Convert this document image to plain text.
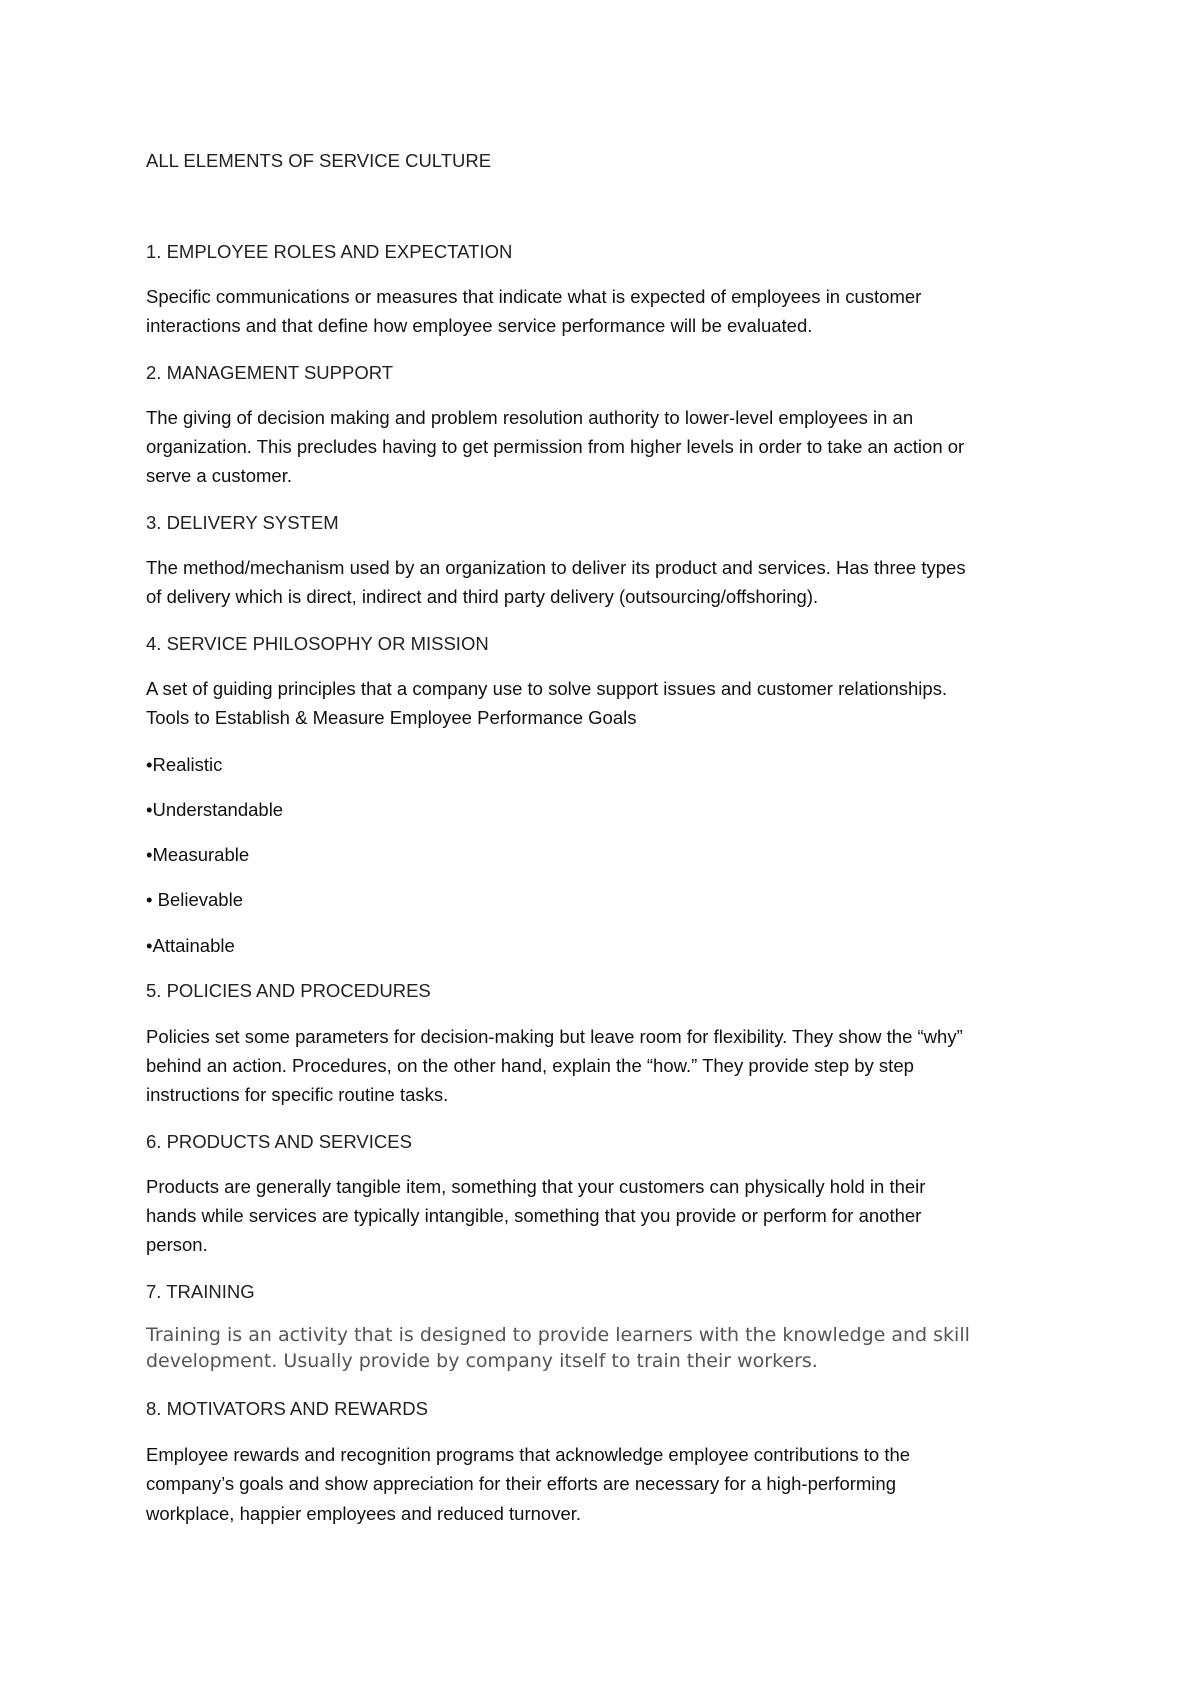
ALL ELEMENTS OF SERVICE CULTURE

1. EMPLOYEE ROLES AND EXPECTATION

Specific communications or measures that indicate what is expected of employees in customer

interactions and that define how employee service performance will be evaluated.

2. MANAGEMENT SUPPORT

The giving of decision making and problem resolution authority to lower-level employees in an

organization. This precludes having to get permission from higher levels in order to take an action or

serve a customer.

3. DELIVERY SYSTEM

The method/mechanism used by an organization to deliver its product and services. Has three types

of delivery which is direct, indirect and third party delivery (outsourcing/offshoring).

4. SERVICE PHILOSOPHY OR MISSION

A set of guiding principles that a company use to solve support issues and customer relationships.

Tools to Establish & Measure Employee Performance Goals

•Realistic

•Understandable

•Measurable

• Believable

•Attainable

5. POLICIES AND PROCEDURES

Policies set some parameters for decision-making but leave room for flexibility. They show the “why”

behind an action. Procedures, on the other hand, explain the “how.” They provide step by step

instructions for specific routine tasks.

6. PRODUCTS AND SERVICES

Products are generally tangible item, something that your customers can physically hold in their

hands while services are typically intangible, something that you provide or perform for another

person.

7. TRAINING

Training is an activity that is designed to provide learners with the knowledge and skill

development. Usually provide by company itself to train their workers.

8. MOTIVATORS AND REWARDS

Employee rewards and recognition programs that acknowledge employee contributions to the

company’s goals and show appreciation for their efforts are necessary for a high-performing

workplace, happier employees and reduced turnover.
